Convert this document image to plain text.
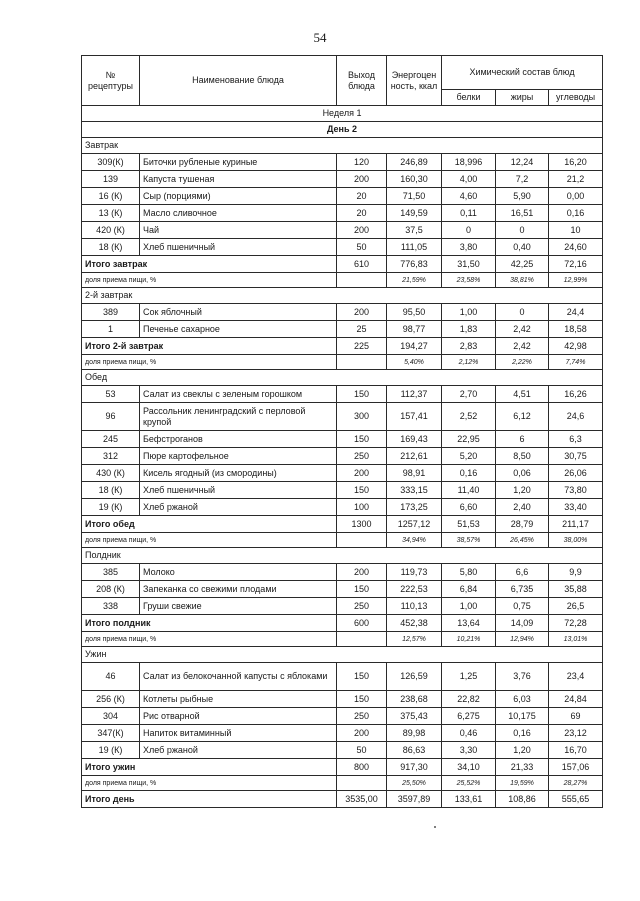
54
№ рецептуры	Наименование блюда	Выход блюда	Энергоценность, ккал	Химический состав блюд		
				белки	жиры	углеводы
Неделя 1						
День 2						
Завтрак						
309(К)	Биточки рубленые куриные	120	246,89	18,996	12,24	16,20
139	Капуста тушеная	200	160,30	4,00	7,2	21,2
16 (К)	Сыр (порциями)	20	71,50	4,60	5,90	0,00
13 (К)	Масло сливочное	20	149,59	0,11	16,51	0,16
420 (К)	Чай	200	37,5	0	0	10
18 (К)	Хлеб пшеничный	50	111,05	3,80	0,40	24,60
Итого завтрак		610	776,83	31,50	42,25	72,16
доля приема пищи, %			21,59%	23,58%	38,81%	12,99%
2-й завтрак						
389	Сок яблочный	200	95,50	1,00	0	24,4
1	Печенье сахарное	25	98,77	1,83	2,42	18,58
Итого 2-й завтрак		225	194,27	2,83	2,42	42,98
доля приема пищи, %			5,40%	2,12%	2,22%	7,74%
Обед						
53	Салат из свеклы с зеленым горошком	150	112,37	2,70	4,51	16,26
96	Рассольник ленинградский с перловой крупой	300	157,41	2,52	6,12	24,6
245	Бефстроганов	150	169,43	22,95	6	6,3
312	Пюре картофельное	250	212,61	5,20	8,50	30,75
430 (К)	Кисель ягодный (из смородины)	200	98,91	0,16	0,06	26,06
18 (К)	Хлеб пшеничный	150	333,15	11,40	1,20	73,80
19 (К)	Хлеб ржаной	100	173,25	6,60	2,40	33,40
Итого обед		1300	1257,12	51,53	28,79	211,17
доля приема пищи, %			34,94%	38,57%	26,45%	38,00%
Полдник						
385	Молоко	200	119,73	5,80	6,6	9,9
208 (К)	Запеканка со свежими плодами	150	222,53	6,84	6,735	35,88
338	Груши свежие	250	110,13	1,00	0,75	26,5
Итого полдник		600	452,38	13,64	14,09	72,28
доля приема пищи, %			12,57%	10,21%	12,94%	13,01%
Ужин						
46	Салат из белокочанной капусты с яблоками	150	126,59	1,25	3,76	23,4
256 (К)	Котлеты рыбные	150	238,68	22,82	6,03	24,84
304	Рис отварной	250	375,43	6,275	10,175	69
347(К)	Напиток витаминный	200	89,98	0,46	0,16	23,12
19 (К)	Хлеб ржаной	50	86,63	3,30	1,20	16,70
Итого ужин		800	917,30	34,10	21,33	157,06
доля приема пищи, %			25,50%	25,52%	19,59%	28,27%
Итого день		3535,00	3597,89	133,61	108,86	555,65
